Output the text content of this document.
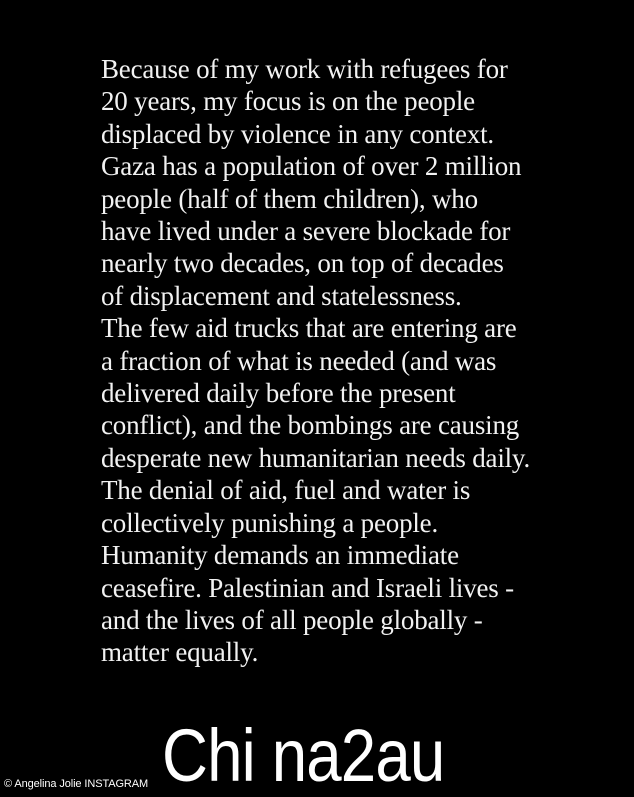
Because of my work with refugees for
20 years, my focus is on the people
displaced by violence in any context.
Gaza has a population of over 2 million
people (half of them children), who
have lived under a severe blockade for
nearly two decades, on top of decades
of displacement and statelessness.
The few aid trucks that are entering are
a fraction of what is needed (and was
delivered daily before the present
conflict), and the bombings are causing
desperate new humanitarian needs daily.
The denial of aid, fuel and water is
collectively punishing a people.
Humanity demands an immediate
ceasefire. Palestinian and Israeli lives -
and the lives of all people globally -
matter equally.
Chi na2au
© Angelina Jolie INSTAGRAM
